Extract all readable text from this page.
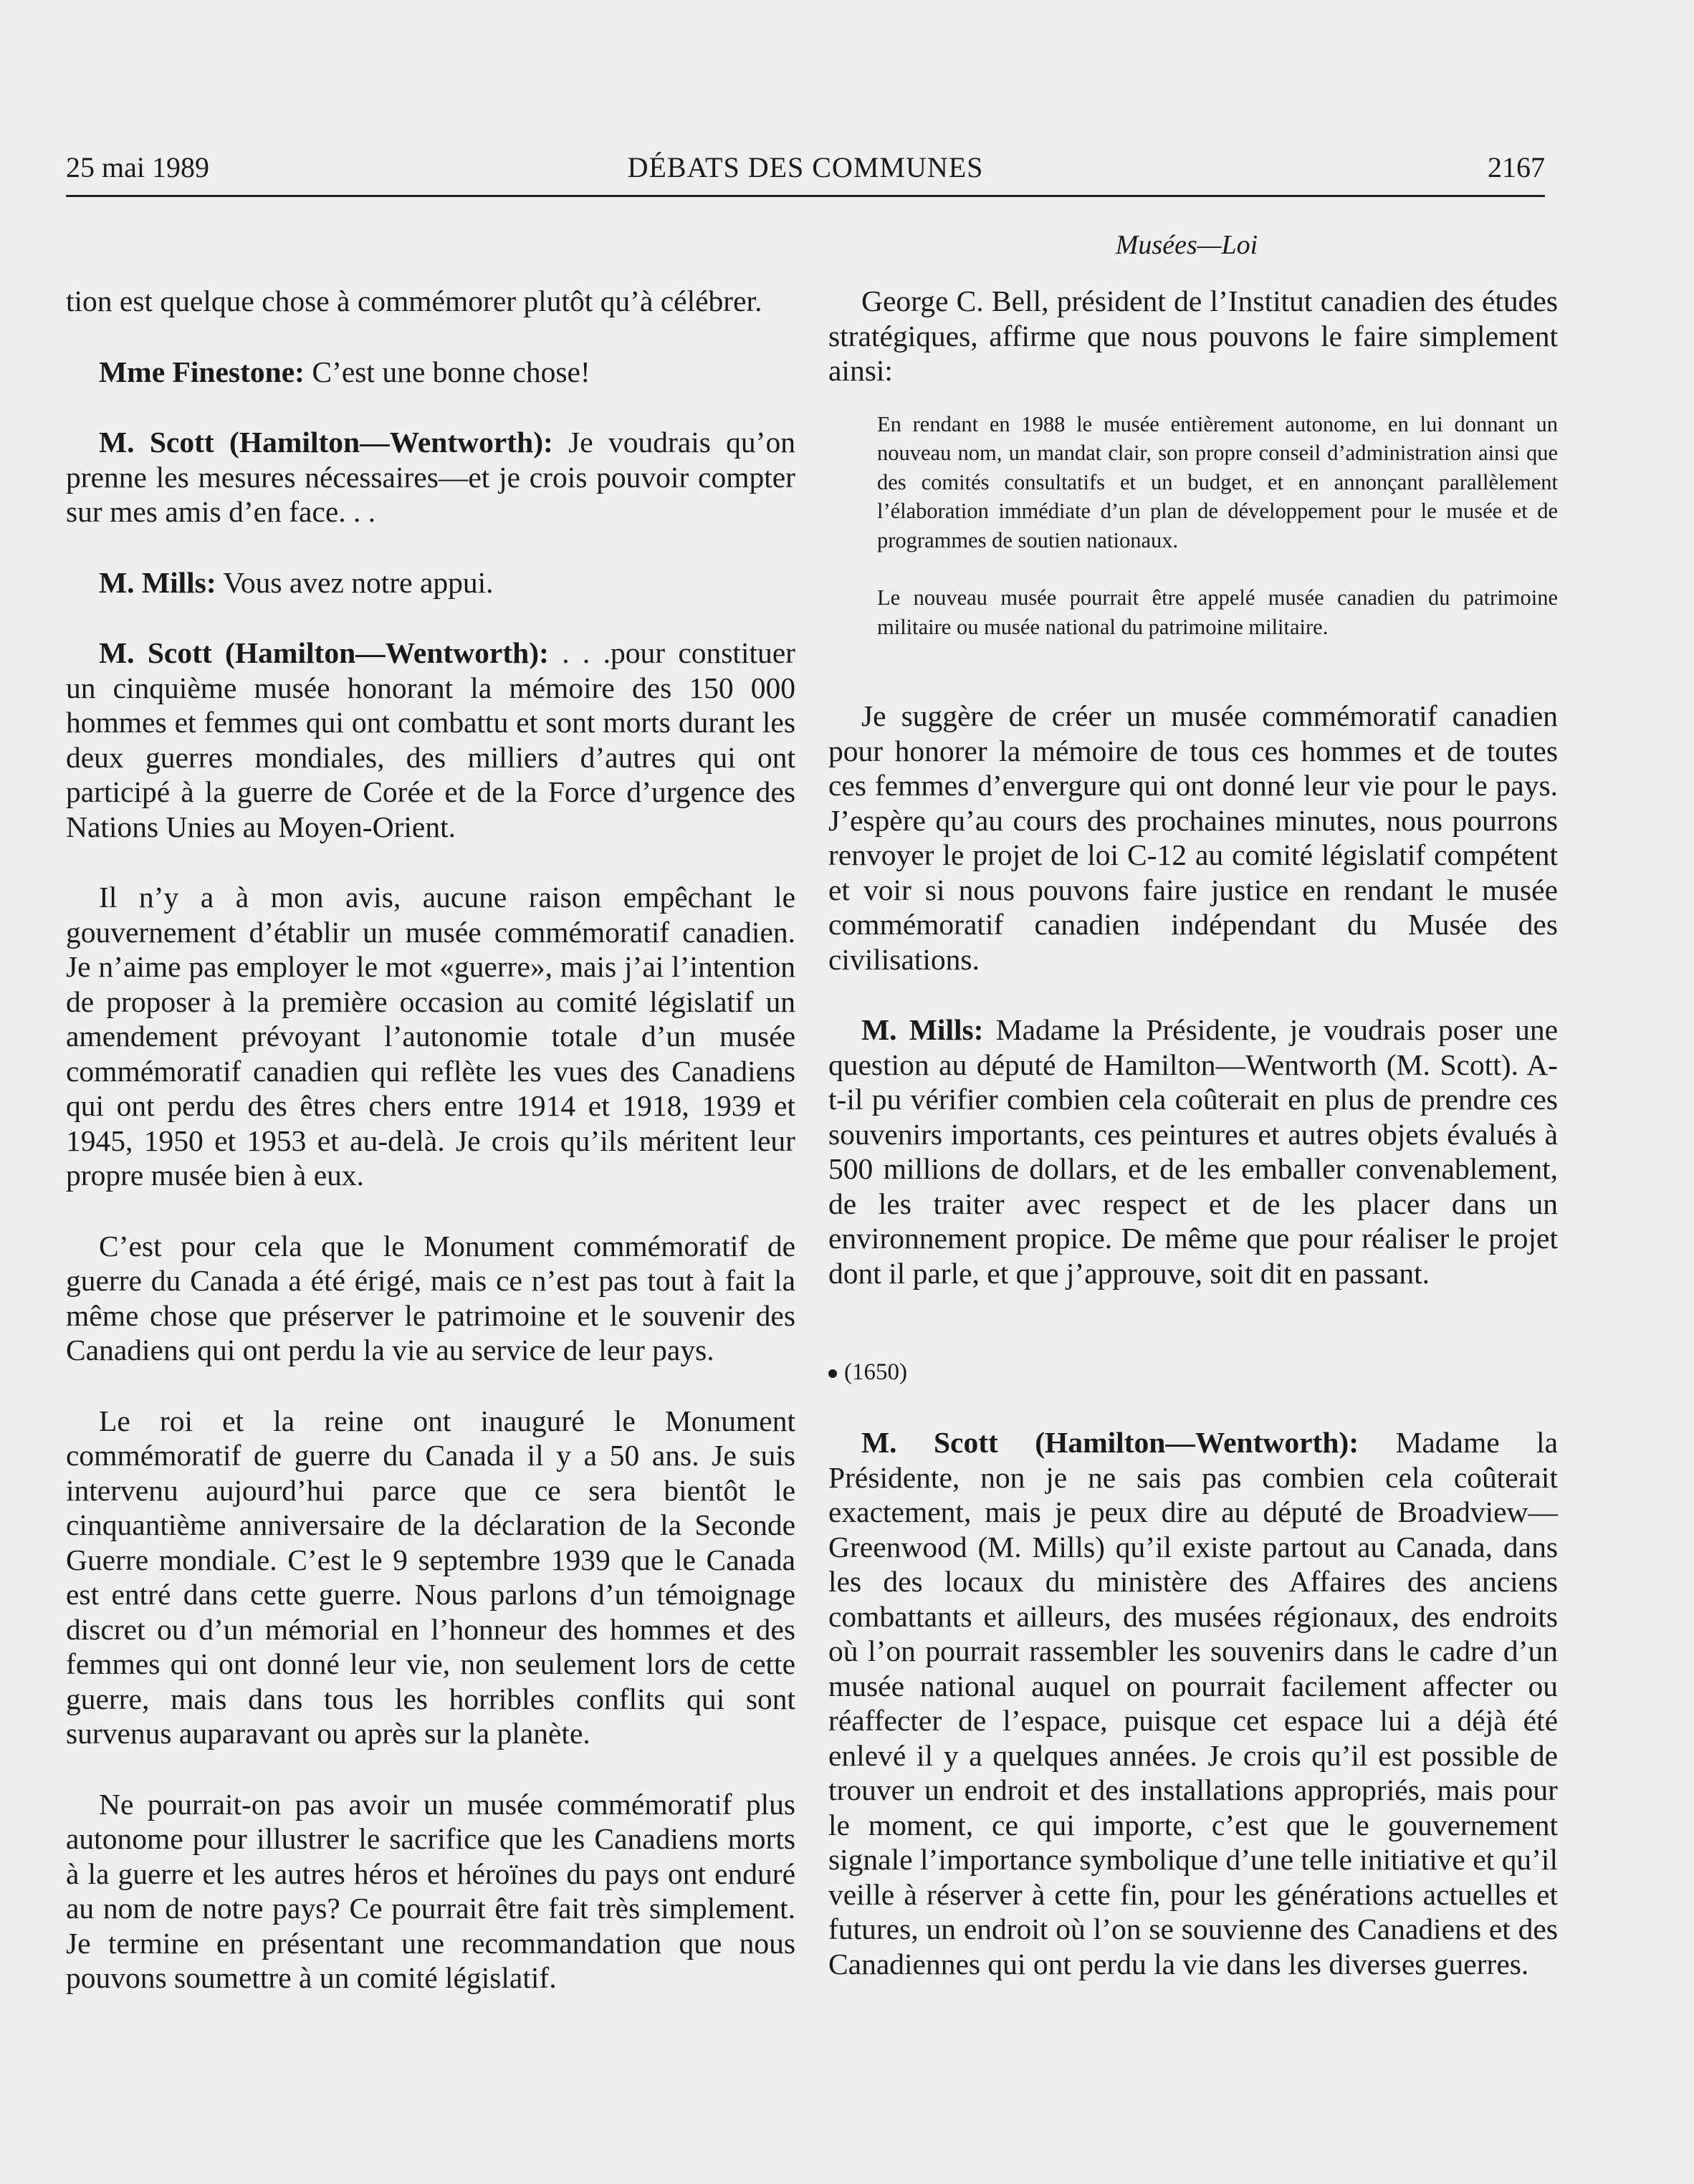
25 mai 1989	DÉBATS DES COMMUNES	2167
Musées—Loi

tion est quelque chose à commémorer plutôt qu’à célébrer.

Mme Finestone: C’est une bonne chose!

M. Scott (Hamilton—Wentworth): Je voudrais qu’on prenne les mesures nécessaires—et je crois pouvoir compter sur mes amis d’en face. . .

M. Mills: Vous avez notre appui.

M. Scott (Hamilton—Wentworth): . . .pour constituer un cinquième musée honorant la mémoire des 150 000 hommes et femmes qui ont combattu et sont morts durant les deux guerres mondiales, des milliers d’autres qui ont participé à la guerre de Corée et de la Force d’urgence des Nations Unies au Moyen-Orient.

Il n’y a à mon avis, aucune raison empêchant le gouvernement d’établir un musée commémoratif canadien. Je n’aime pas employer le mot «guerre», mais j’ai l’intention de proposer à la première occasion au comité législatif un amendement prévoyant l’autonomie totale d’un musée commémoratif canadien qui reflète les vues des Canadiens qui ont perdu des êtres chers entre 1914 et 1918, 1939 et 1945, 1950 et 1953 et au-delà. Je crois qu’ils méritent leur propre musée bien à eux.

C’est pour cela que le Monument commémoratif de guerre du Canada a été érigé, mais ce n’est pas tout à fait la même chose que préserver le patrimoine et le souvenir des Canadiens qui ont perdu la vie au service de leur pays.

Le roi et la reine ont inauguré le Monument commémoratif de guerre du Canada il y a 50 ans. Je suis intervenu aujourd’hui parce que ce sera bientôt le cinquantième anniversaire de la déclaration de la Seconde Guerre mondiale. C’est le 9 septembre 1939 que le Canada est entré dans cette guerre. Nous parlons d’un témoignage discret ou d’un mémorial en l’honneur des hommes et des femmes qui ont donné leur vie, non seulement lors de cette guerre, mais dans tous les horribles conflits qui sont survenus auparavant ou après sur la planète.

Ne pourrait-on pas avoir un musée commémoratif plus autonome pour illustrer le sacrifice que les Canadiens morts à la guerre et les autres héros et héroïnes du pays ont enduré au nom de notre pays? Ce pourrait être fait très simplement. Je termine en présentant une recommandation que nous pouvons soumettre à un comité législatif.

George C. Bell, président de l’Institut canadien des études stratégiques, affirme que nous pouvons le faire simplement ainsi:

En rendant en 1988 le musée entièrement autonome, en lui donnant un nouveau nom, un mandat clair, son propre conseil d’administration ainsi que des comités consultatifs et un budget, et en annonçant parallèlement l’élaboration immédiate d’un plan de développement pour le musée et de programmes de soutien nationaux.
Le nouveau musée pourrait être appelé musée canadien du patrimoine militaire ou musée national du patrimoine militaire.

Je suggère de créer un musée commémoratif canadien pour honorer la mémoire de tous ces hommes et de toutes ces femmes d’envergure qui ont donné leur vie pour le pays. J’espère qu’au cours des prochaines minutes, nous pourrons renvoyer le projet de loi C-12 au comité législatif compétent et voir si nous pouvons faire justice en rendant le musée commémoratif canadien indépendant du Musée des civilisations.

M. Mills: Madame la Présidente, je voudrais poser une question au député de Hamilton—Wentworth (M. Scott). A-t-il pu vérifier combien cela coûterait en plus de prendre ces souvenirs importants, ces peintures et autres objets évalués à 500 millions de dollars, et de les emballer convenablement, de les traiter avec respect et de les placer dans un environnement propice. De même que pour réaliser le projet dont il parle, et que j’approuve, soit dit en passant.

(1650)

M. Scott (Hamilton—Wentworth): Madame la Présidente, non je ne sais pas combien cela coûterait exactement, mais je peux dire au député de Broadview—Greenwood (M. Mills) qu’il existe partout au Canada, dans les des locaux du ministère des Affaires des anciens combattants et ailleurs, des musées régionaux, des endroits où l’on pourrait rassembler les souvenirs dans le cadre d’un musée national auquel on pourrait facilement affecter ou réaffecter de l’espace, puisque cet espace lui a déjà été enlevé il y a quelques années. Je crois qu’il est possible de trouver un endroit et des installations appropriés, mais pour le moment, ce qui importe, c’est que le gouvernement signale l’importance symbolique d’une telle initiative et qu’il veille à réserver à cette fin, pour les générations actuelles et futures, un endroit où l’on se souvienne des Canadiens et des Canadiennes qui ont perdu la vie dans les diverses guerres.
